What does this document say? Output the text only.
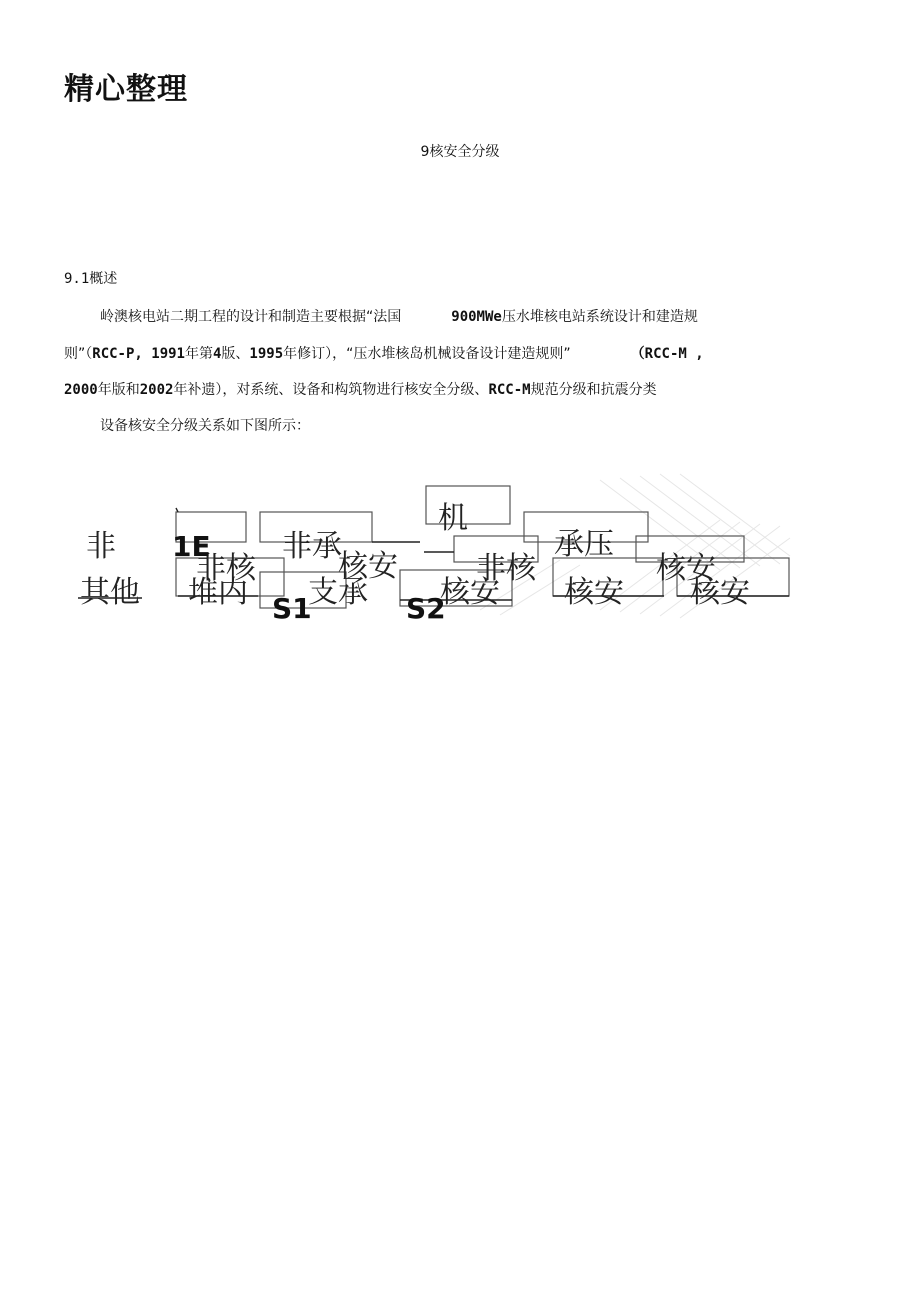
精心整理
9核安全分级
9.1概述
岭澳核电站二期工程的设计和制造主要根据“法国	900MWe压水堆核电站系统设计和建造规
则”（RCC-P, 1991年第4版、1995年修订），“压水堆核岛机械设备设计建造规则”	（RCC-M ,
2000年版和2002年补遗），对系统、设备和构筑物进行核安全分级、RCC-M规范分级和抗震分类
设备核安全分级关系如下图所示：
机
非	非承	承压
非核	核安	非核	核安
其他 堆内 支承 核安 核安 核安
1E
S1	S2
